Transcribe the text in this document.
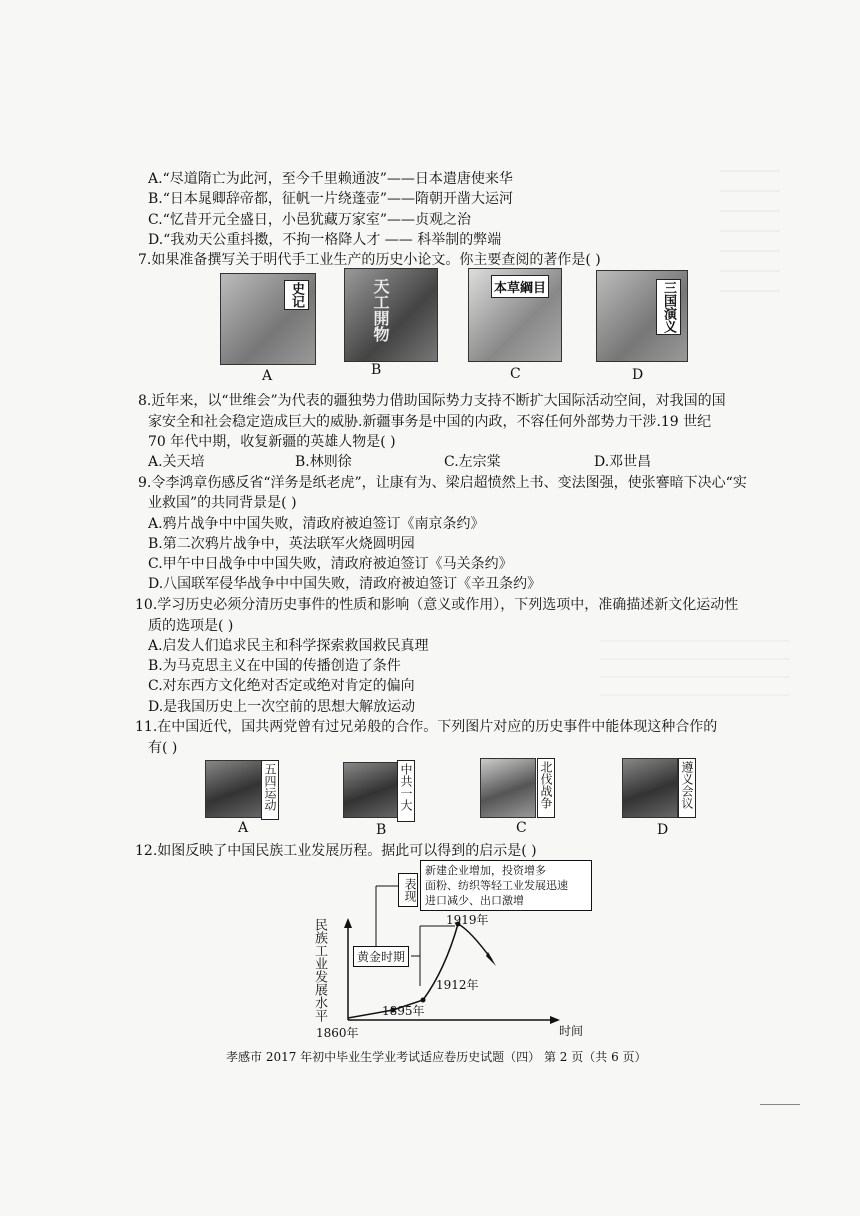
A.“尽道隋亡为此河，至今千里赖通波”——日本遣唐使来华
B.“日本晁卿辞帝都，征帆一片绕蓬壶”——隋朝开凿大运河
C.“忆昔开元全盛日，小邑犹藏万家室”——贞观之治
D.“我劝天公重抖擞，不拘一格降人才 —— 科举制的弊端
7.如果准备撰写关于明代手工业生产的历史小论文。你主要查阅的著作是( )
史记
A
天工開物
B
本草綱目
C
三国演义
D
8.近年来，以“世维会”为代表的疆独势力借助国际势力支持不断扩大国际活动空间，对我国的国
家安全和社会稳定造成巨大的威胁.新疆事务是中国的内政，不容任何外部势力干涉.19 世纪
70 年代中期，收复新疆的英雄人物是( )
A.关天培	B.林则徐	C.左宗棠	D.邓世昌
9.令李鸿章伤感反省“洋务是纸老虎”，让康有为、梁启超愤然上书、变法图强，使张謇暗下决心“实
业救国”的共同背景是( )
A.鸦片战争中中国失败，清政府被迫签订《南京条约》
B.第二次鸦片战争中，英法联军火烧圆明园
C.甲午中日战争中中国失败，清政府被迫签订《马关条约》
D.八国联军侵华战争中中国失败，清政府被迫签订《辛丑条约》
10.学习历史必须分清历史事件的性质和影响（意义或作用），下列选项中，准确描述新文化运动性
质的选项是( )
A.启发人们追求民主和科学探索救国救民真理
B.为马克思主义在中国的传播创造了条件
C.对东西方文化绝对否定或绝对肯定的偏向
D.是我国历史上一次空前的思想大解放运动
11.在中国近代，国共两党曾有过兄弟般的合作。下列图片对应的历史事件中能体现这种合作的
有( )
五四运动
A
中共一大
B
北伐战争
C
遵义会议
D
12.如图反映了中国民族工业发展历程。据此可以得到的启示是( )
民族工业发展水平
时间
1860年
1895年
1912年
1919年
黄金时期
表现
新建企业增加，投资增多
面粉、纺织等轻工业发展迅速
进口减少、出口激增
孝感市 2017 年初中毕业生学业考试适应卷历史试题（四） 第 2 页（共 6 页）
